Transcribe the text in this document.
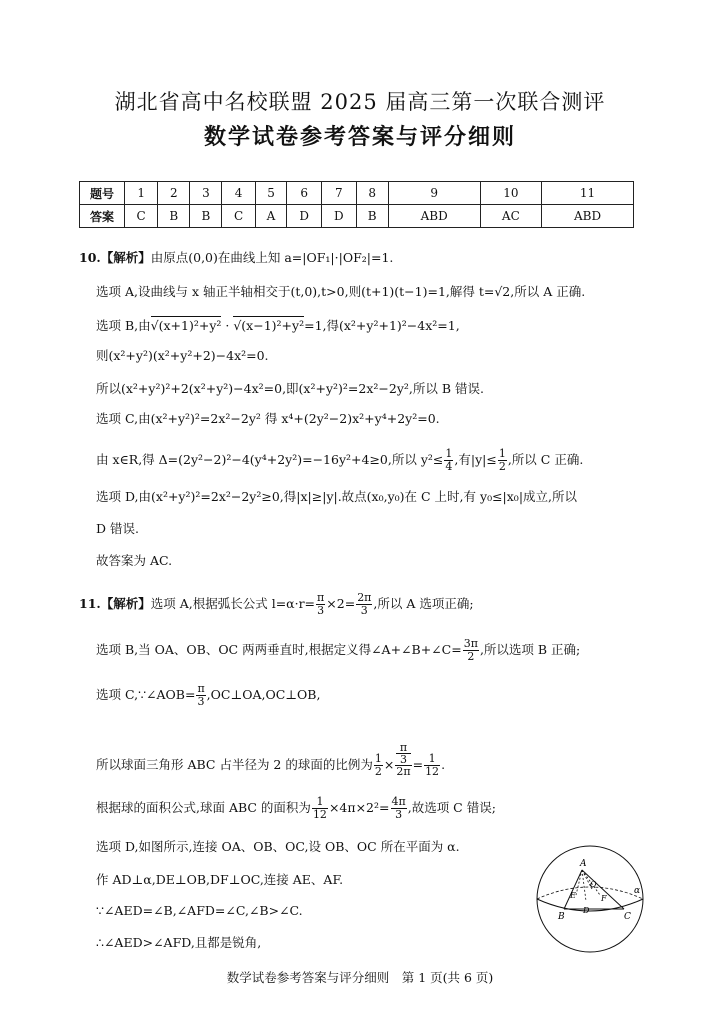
湖北省高中名校联盟 2025 届高三第一次联合测评
数学试卷参考答案与评分细则
题号	1	2	3	4	5	6	7	8	9	10	11
答案	C	B	B	C	A	D	D	B	ABD	AC	ABD
10.【解析】由原点(0,0)在曲线上知 a=|OF₁|·|OF₂|=1.
选项 A,设曲线与 x 轴正半轴相交于(t,0),t>0,则(t+1)(t−1)=1,解得 t=√2,所以 A 正确.
选项 B,由√(x+1)²+y² · √(x−1)²+y²=1,得(x²+y²+1)²−4x²=1,
则(x²+y²)(x²+y²+2)−4x²=0.
所以(x²+y²)²+2(x²+y²)−4x²=0,即(x²+y²)²=2x²−2y²,所以 B 错误.
选项 C,由(x²+y²)²=2x²−2y² 得 x⁴+(2y²−2)x²+y⁴+2y²=0.
由 x∈R,得 Δ=(2y²−2)²−4(y⁴+2y²)=−16y²+4≥0,所以 $y^2\le \frac{1}{4}$ ,有$|y|\le \frac{1}{2}$ ,所以 C 正确.
选项 D,由(x²+y²)²=2x²−2y²≥0,得|x|≥|y|.故点(x₀,y₀)在 C 上时,有 y₀≤|x₀|成立,所以
D 错误.
故答案为 AC.
11.【解析】选项 A,根据弧长公式 $l=\alpha\cdot r= \frac{\pi}{3} \times 2= \frac{2\pi}{3}$ ,所以 A 选项正确;
选项 B,当 OA、OB、OC 两两垂直时,根据定义得∠A+∠B+∠C= $\frac{3\pi}{2}$ ,所以选项 B 正确;
选项 C,∵∠AOB= $\frac{\pi}{3}$ ,OC⊥OA,OC⊥OB,
所以球面三角形 ABC 占半径为 2 的球面的比例为 $\frac{1}{2} \times \pi$
3
$2\pi = \frac{1}{12}$ .
根据球的面积公式,球面 ABC 的面积为 $\frac{1}{12} \times 4\pi\times 2^2= \frac{4\pi}{3}$ ,故选项 C 错误;
选项 D,如图所示,连接 OA、OB、OC,设 OB、OC 所在平面为 α.
作 AD⊥α,DE⊥OB,DF⊥OC,连接 AE、AF.
∵∠AED=∠B,∠AFD=∠C,∠B>∠C.
∴∠AED>∠AFD,且都是锐角,
A
B	C
D
E	F
O
α
数学试卷参考答案与评分细则　第 1 页(共 6 页)
